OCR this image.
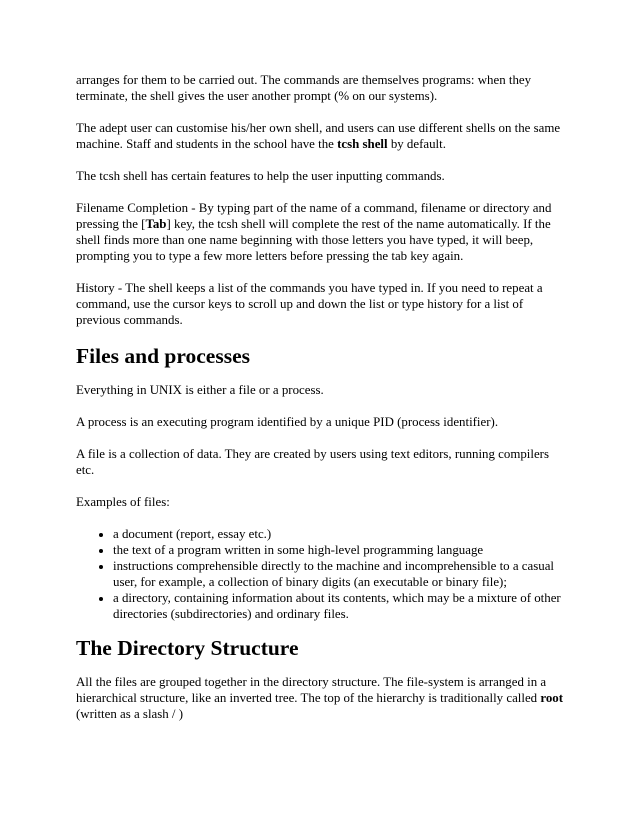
arranges for them to be carried out. The commands are themselves programs: when they terminate, the shell gives the user another prompt (% on our systems).

The adept user can customise his/her own shell, and users can use different shells on the same machine. Staff and students in the school have the tcsh shell by default.

The tcsh shell has certain features to help the user inputting commands.

Filename Completion - By typing part of the name of a command, filename or directory and pressing the [Tab] key, the tcsh shell will complete the rest of the name automatically. If the shell finds more than one name beginning with those letters you have typed, it will beep, prompting you to type a few more letters before pressing the tab key again.

History - The shell keeps a list of the commands you have typed in. If you need to repeat a command, use the cursor keys to scroll up and down the list or type history for a list of previous commands.

Files and processes

Everything in UNIX is either a file or a process.

A process is an executing program identified by a unique PID (process identifier).

A file is a collection of data. They are created by users using text editors, running compilers etc.

Examples of files:

• a document (report, essay etc.)
• the text of a program written in some high-level programming language
• instructions comprehensible directly to the machine and incomprehensible to a casual user, for example, a collection of binary digits (an executable or binary file);
• a directory, containing information about its contents, which may be a mixture of other directories (subdirectories) and ordinary files.
The Directory Structure

All the files are grouped together in the directory structure. The file-system is arranged in a hierarchical structure, like an inverted tree. The top of the hierarchy is traditionally called root (written as a slash / )
